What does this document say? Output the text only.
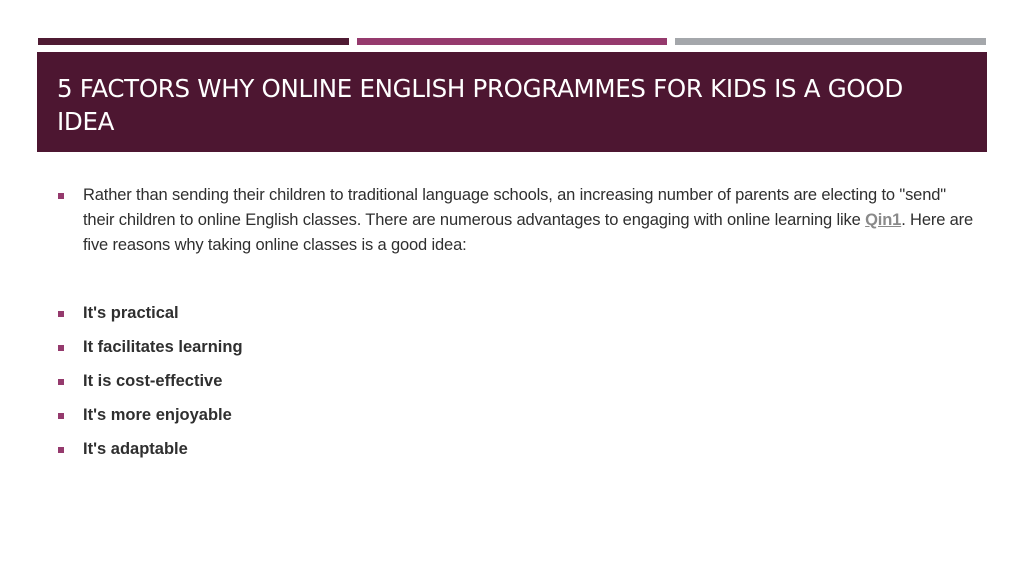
5 FACTORS WHY ONLINE ENGLISH PROGRAMMES FOR KIDS IS A GOOD IDEA
Rather than sending their children to traditional language schools, an increasing number of parents are electing to "send" their children to online English classes. There are numerous advantages to engaging with online learning like Qin1. Here are five reasons why taking online classes is a good idea:
It's practical
It facilitates learning
It is cost-effective
It's more enjoyable
It's adaptable
